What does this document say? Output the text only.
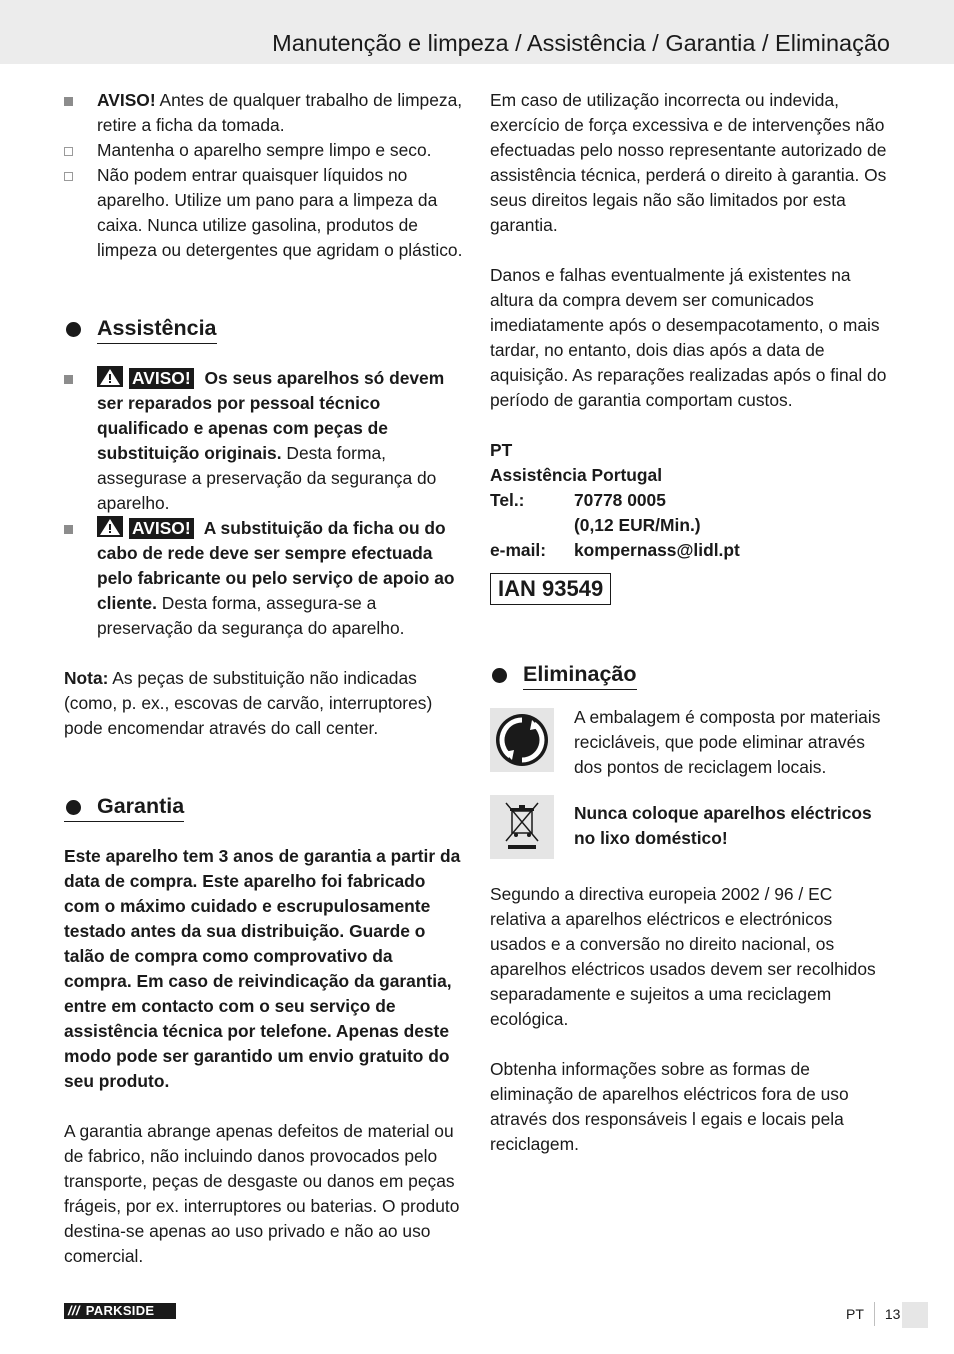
Manutenção e limpeza / Assistência / Garantia / Eliminação
AVISO! Antes de qualquer trabalho de limpeza, retire a ficha da tomada.
Mantenha o aparelho sempre limpo e seco.
Não podem entrar quaisquer líquidos no aparelho. Utilize um pano para a limpeza da caixa. Nunca utilize gasolina, produtos de limpeza ou detergentes que agridam o plástico.
Assistência
AVISO! Os seus aparelhos só devem ser reparados por pessoal técnico qualificado e apenas com peças de substituição originais. Desta forma, assegurase a preservação da segurança do aparelho.
AVISO! A substituição da ficha ou do cabo de rede deve ser sempre efectuada pelo fabricante ou pelo serviço de apoio ao cliente. Desta forma, assegura-se a preservação da segurança do aparelho.
Nota: As peças de substituição não indicadas (como, p. ex., escovas de carvão, interruptores) pode encomendar através do call center.
Garantia
Este aparelho tem 3 anos de garantia a partir da data de compra. Este aparelho foi fabricado com o máximo cuidado e escrupulosamente testado antes da sua distribuição. Guarde o talão de compra como comprovativo da compra. Em caso de reivindicação da garantia, entre em contacto com o seu serviço de assistência técnica por telefone. Apenas deste modo pode ser garantido um envio gratuito do seu produto.
A garantia abrange apenas defeitos de material ou de fabrico, não incluindo danos provocados pelo transporte, peças de desgaste ou danos em peças frágeis, por ex. interruptores ou baterias. O produto destina-se apenas ao uso privado e não ao uso comercial.
Em caso de utilização incorrecta ou indevida, exercício de força excessiva e de intervenções não efectuadas pelo nosso representante autorizado de assistência técnica, perderá o direito à garantia. Os seus direitos legais não são limitados por esta garantia.
Danos e falhas eventualmente já existentes na altura da compra devem ser comunicados imediatamente após o desempacotamento, o mais tardar, no entanto, dois dias após a data de aquisição. As reparações realizadas após o final do período de garantia comportam custos.
PT
Assistência Portugal
Tel.:	70778 0005
	(0,12 EUR/Min.)
e-mail:	kompernass@lidl.pt
IAN 93549
Eliminação
A embalagem é composta por materiais recicláveis, que pode eliminar através dos pontos de reciclagem locais.
Nunca coloque aparelhos eléctricos no lixo doméstico!
Segundo a directiva europeia 2002 / 96 / EC relativa a aparelhos eléctricos e electrónicos usados e a conversão no direito nacional, os aparelhos eléctricos usados devem ser recolhidos separadamente e sujeitos a uma reciclagem ecológica.
Obtenha informações sobre as formas de eliminação de aparelhos eléctricos fora de uso através dos responsáveis l egais e locais pela reciclagem.
/// PARKSIDE	PT 13
